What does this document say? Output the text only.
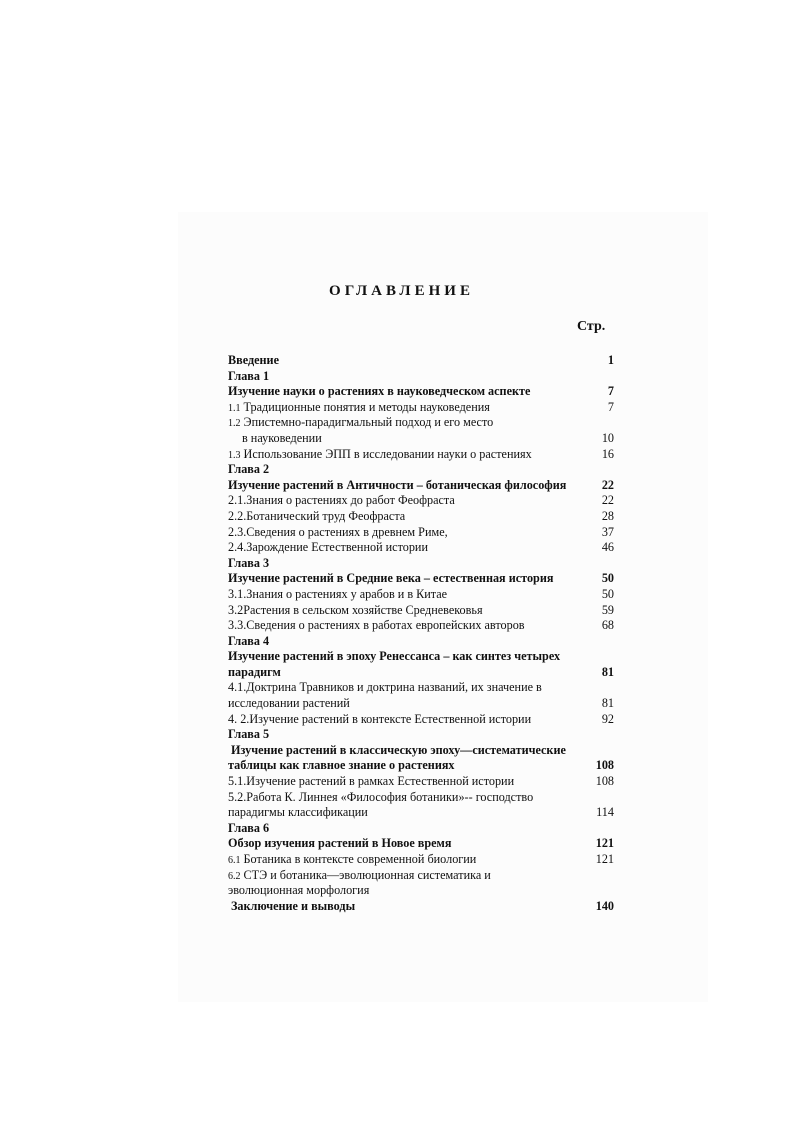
ОГЛАВЛЕНИЕ
Стр.
Введение	1
Глава 1
Изучение науки о растениях в науковедческом аспекте	7
1.1 Традиционные понятия и методы науковедения	7
1.2 Эпистемно-парадигмальный подход и его место
в науковедении	10
1.3 Использование ЭПП в исследовании науки о растениях	16
Глава 2
Изучение растений в Античности – ботаническая философия	22
2.1.Знания о растениях до работ Феофраста	22
2.2.Ботанический труд Феофраста	28
2.3.Сведения о растениях в древнем Риме,	37
2.4.Зарождение Естественной истории	46
Глава 3
Изучение растений в Средние века – естественная история	50
3.1.Знания о растениях у арабов и в Китае	50
3.2Растения в сельском хозяйстве Средневековья	59
3.3.Сведения о растениях в работах европейских авторов	68
Глава 4
Изучение растений в эпоху Ренессанса – как синтез четырех
парадигм	81
4.1.Доктрина Травников и доктрина названий, их значение в
исследовании растений	81
4. 2.Изучение растений в контексте Естественной истории	92
Глава 5
Изучение растений в классическую эпоху—систематические
таблицы как главное знание о растениях	108
5.1.Изучение растений в рамках Естественной истории	108
5.2.Работа К. Линнея «Философия ботаники»-- господство
парадигмы классификации	114
Глава 6
Обзор изучения растений в Новое время	121
6.1 Ботаника в контексте современной биологии	121
6.2 СТЭ и ботаника—эволюционная систематика и
эволюционная морфология
Заключение и выводы	140
